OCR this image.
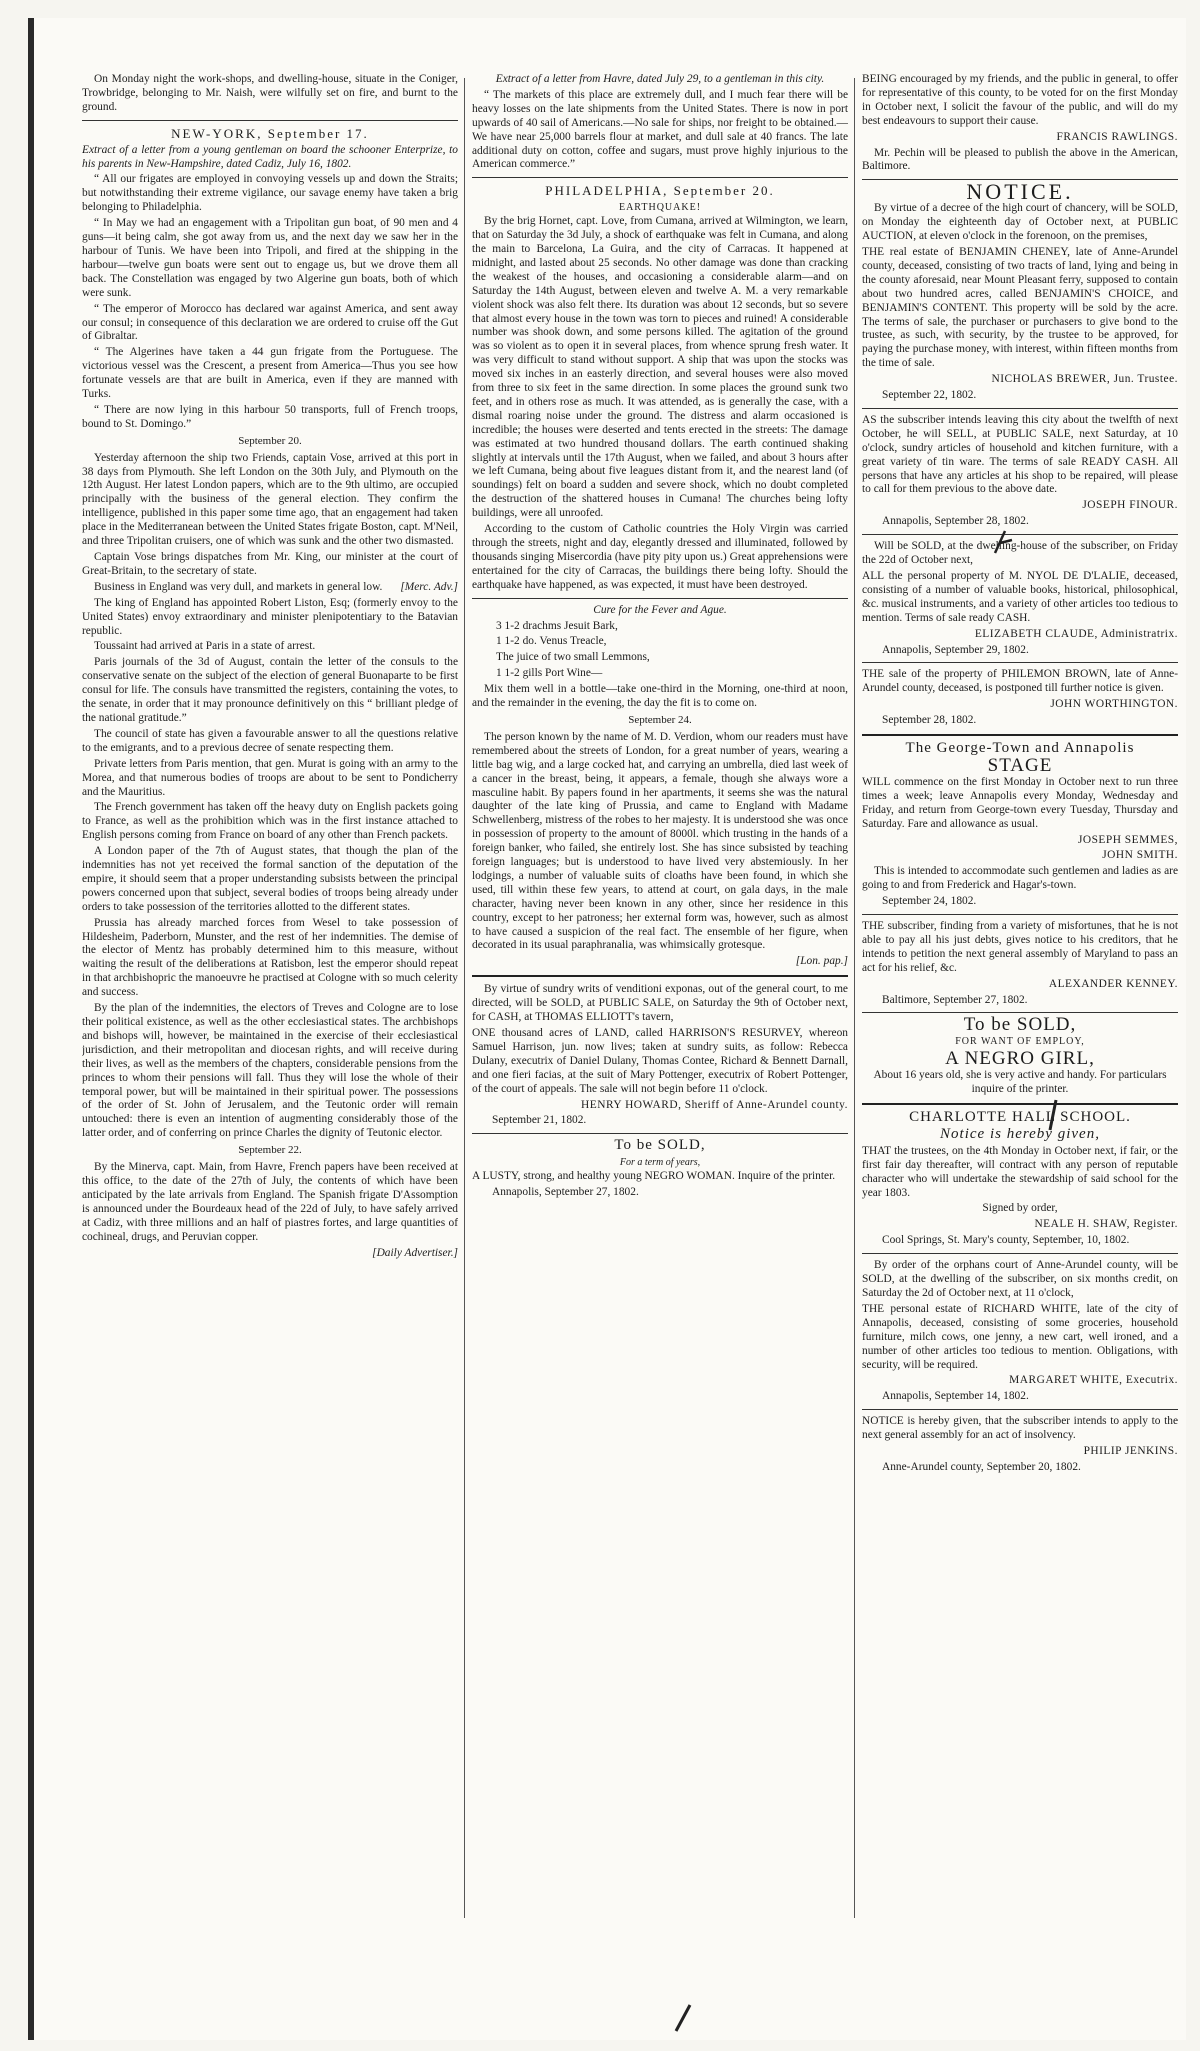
On Monday night the work-shops, and dwelling-house, situate in the Coniger, Trowbridge, belonging to Mr. Naish, were wilfully set on fire, and burnt to the ground.

NEW-YORK, September 17.

Extract of a letter from a young gentleman on board the schooner Enterprize, to his parents in New-Hampshire, dated Cadiz, July 16, 1802.

“ All our frigates are employed in convoying vessels up and down the Straits; but notwithstanding their extreme vigilance, our savage enemy have taken a brig belonging to Philadelphia.

“ In May we had an engagement with a Tripolitan gun boat, of 90 men and 4 guns—it being calm, she got away from us, and the next day we saw her in the harbour of Tunis. We have been into Tripoli, and fired at the shipping in the harbour—twelve gun boats were sent out to engage us, but we drove them all back. The Constellation was engaged by two Algerine gun boats, both of which were sunk.

“ The emperor of Morocco has declared war against America, and sent away our consul; in consequence of this declaration we are ordered to cruise off the Gut of Gibraltar.

“ The Algerines have taken a 44 gun frigate from the Portuguese. The victorious vessel was the Crescent, a present from America—Thus you see how fortunate vessels are that are built in America, even if they are manned with Turks.

“ There are now lying in this harbour 50 transports, full of French troops, bound to St. Domingo.”

September 20.

Yesterday afternoon the ship two Friends, captain Vose, arrived at this port in 38 days from Plymouth. She left London on the 30th July, and Plymouth on the 12th August. Her latest London papers, which are to the 9th ultimo, are occupied principally with the business of the general election. They confirm the intelligence, published in this paper some time ago, that an engagement had taken place in the Mediterranean between the United States frigate Boston, capt. M'Neil, and three Tripolitan cruisers, one of which was sunk and the other two dismasted.

Captain Vose brings dispatches from Mr. King, our minister at the court of Great-Britain, to the secretary of state.

Business in England was very dull, and markets in general low.	[Merc. Adv.]

The king of England has appointed Robert Liston, Esq; (formerly envoy to the United States) envoy extraordinary and minister plenipotentiary to the Batavian republic.

Toussaint had arrived at Paris in a state of arrest.

Paris journals of the 3d of August, contain the letter of the consuls to the conservative senate on the subject of the election of general Buonaparte to be first consul for life. The consuls have transmitted the registers, containing the votes, to the senate, in order that it may pronounce definitively on this “ brilliant pledge of the national gratitude.”

The council of state has given a favourable answer to all the questions relative to the emigrants, and to a previous decree of senate respecting them.

Private letters from Paris mention, that gen. Murat is going with an army to the Morea, and that numerous bodies of troops are about to be sent to Pondicherry and the Mauritius.

The French government has taken off the heavy duty on English packets going to France, as well as the prohibition which was in the first instance attached to English persons coming from France on board of any other than French packets.

A London paper of the 7th of August states, that though the plan of the indemnities has not yet received the formal sanction of the deputation of the empire, it should seem that a proper understanding subsists between the principal powers concerned upon that subject, several bodies of troops being already under orders to take possession of the territories allotted to the different states.

Prussia has already marched forces from Wesel to take possession of Hildesheim, Paderborn, Munster, and the rest of her indemnities. The demise of the elector of Mentz has probably determined him to this measure, without waiting the result of the deliberations at Ratisbon, lest the emperor should repeat in that archbishopric the manoeuvre he practised at Cologne with so much celerity and success.

By the plan of the indemnities, the electors of Treves and Cologne are to lose their political existence, as well as the other ecclesiastical states. The archbishops and bishops will, however, be maintained in the exercise of their ecclesiastical jurisdiction, and their metropolitan and diocesan rights, and will receive during their lives, as well as the members of the chapters, considerable pensions from the princes to whom their pensions will fall. Thus they will lose the whole of their temporal power, but will be maintained in their spiritual power. The possessions of the order of St. John of Jerusalem, and the Teutonic order will remain untouched: there is even an intention of augmenting considerably those of the latter order, and of conferring on prince Charles the dignity of Teutonic elector.

September 22.

By the Minerva, capt. Main, from Havre, French papers have been received at this office, to the date of the 27th of July, the contents of which have been anticipated by the late arrivals from England. The Spanish frigate D'Assomption is announced under the Bourdeaux head of the 22d of July, to have safely arrived at Cadiz, with three millions and an half of piastres fortes, and large quantities of cochineal, drugs, and Peruvian copper.

[Daily Advertiser.]

Extract of a letter from Havre, dated July 29, to a gentleman in this city.

“ The markets of this place are extremely dull, and I much fear there will be heavy losses on the late shipments from the United States. There is now in port upwards of 40 sail of Americans.—No sale for ships, nor freight to be obtained.—We have near 25,000 barrels flour at market, and dull sale at 40 francs. The late additional duty on cotton, coffee and sugars, must prove highly injurious to the American commerce.”

PHILADELPHIA, September 20.
EARTHQUAKE!

By the brig Hornet, capt. Love, from Cumana, arrived at Wilmington, we learn, that on Saturday the 3d July, a shock of earthquake was felt in Cumana, and along the main to Barcelona, La Guira, and the city of Carracas. It happened at midnight, and lasted about 25 seconds. No other damage was done than cracking the weakest of the houses, and occasioning a considerable alarm—and on Saturday the 14th August, between eleven and twelve A. M. a very remarkable violent shock was also felt there. Its duration was about 12 seconds, but so severe that almost every house in the town was torn to pieces and ruined! A considerable number was shook down, and some persons killed. The agitation of the ground was so violent as to open it in several places, from whence sprung fresh water. It was very difficult to stand without support. A ship that was upon the stocks was moved six inches in an easterly direction, and several houses were also moved from three to six feet in the same direction. In some places the ground sunk two feet, and in others rose as much. It was attended, as is generally the case, with a dismal roaring noise under the ground. The distress and alarm occasioned is incredible; the houses were deserted and tents erected in the streets: The damage was estimated at two hundred thousand dollars. The earth continued shaking slightly at intervals until the 17th August, when we failed, and about 3 hours after we left Cumana, being about five leagues distant from it, and the nearest land (of soundings) felt on board a sudden and severe shock, which no doubt completed the destruction of the shattered houses in Cumana! The churches being lofty buildings, were all unroofed.

According to the custom of Catholic countries the Holy Virgin was carried through the streets, night and day, elegantly dressed and illuminated, followed by thousands singing Misercordia (have pity pity upon us.) Great apprehensions were entertained for the city of Carracas, the buildings there being lofty. Should the earthquake have happened, as was expected, it must have been destroyed.

Cure for the Fever and Ague.

3 1-2 drachms Jesuit Bark,

1 1-2 do. Venus Treacle,

The juice of two small Lemmons,

1 1-2 gills Port Wine—

Mix them well in a bottle—take one-third in the Morning, one-third at noon, and the remainder in the evening, the day the fit is to come on.

September 24.

The person known by the name of M. D. Verdion, whom our readers must have remembered about the streets of London, for a great number of years, wearing a little bag wig, and a large cocked hat, and carrying an umbrella, died last week of a cancer in the breast, being, it appears, a female, though she always wore a masculine habit. By papers found in her apartments, it seems she was the natural daughter of the late king of Prussia, and came to England with Madame Schwellenberg, mistress of the robes to her majesty. It is understood she was once in possession of property to the amount of 8000l. which trusting in the hands of a foreign banker, who failed, she entirely lost. She has since subsisted by teaching foreign languages; but is understood to have lived very abstemiously. In her lodgings, a number of valuable suits of cloaths have been found, in which she used, till within these few years, to attend at court, on gala days, in the male character, having never been known in any other, since her residence in this country, except to her patroness; her external form was, however, such as almost to have caused a suspicion of the real fact. The ensemble of her figure, when decorated in its usual paraphranalia, was whimsically grotesque.

[Lon. pap.]

By virtue of sundry writs of venditioni exponas, out of the general court, to me directed, will be SOLD, at PUBLIC SALE, on Saturday the 9th of October next, for CASH, at THOMAS ELLIOTT's tavern,

ONE thousand acres of LAND, called HARRISON'S RESURVEY, whereon Samuel Harrison, jun. now lives; taken at sundry suits, as follow: Rebecca Dulany, executrix of Daniel Dulany, Thomas Contee, Richard & Bennett Darnall, and one fieri facias, at the suit of Mary Pottenger, executrix of Robert Pottenger, of the court of appeals. The sale will not begin before 11 o'clock.

HENRY HOWARD, Sheriff of Anne-Arundel county.

September 21, 1802.

To be SOLD,
For a term of years,

A LUSTY, strong, and healthy young NEGRO WOMAN. Inquire of the printer.

Annapolis, September 27, 1802.

BEING encouraged by my friends, and the public in general, to offer for representative of this county, to be voted for on the first Monday in October next, I solicit the favour of the public, and will do my best endeavours to support their cause.

FRANCIS RAWLINGS.

Mr. Pechin will be pleased to publish the above in the American, Baltimore.

NOTICE.

By virtue of a decree of the high court of chancery, will be SOLD, on Monday the eighteenth day of October next, at PUBLIC AUCTION, at eleven o'clock in the forenoon, on the premises,

THE real estate of BENJAMIN CHENEY, late of Anne-Arundel county, deceased, consisting of two tracts of land, lying and being in the county aforesaid, near Mount Pleasant ferry, supposed to contain about two hundred acres, called BENJAMIN'S CHOICE, and BENJAMIN'S CONTENT. This property will be sold by the acre. The terms of sale, the purchaser or purchasers to give bond to the trustee, as such, with security, by the trustee to be approved, for paying the purchase money, with interest, within fifteen months from the time of sale.

NICHOLAS BREWER, Jun. Trustee.

September 22, 1802.

AS the subscriber intends leaving this city about the twelfth of next October, he will SELL, at PUBLIC SALE, next Saturday, at 10 o'clock, sundry articles of household and kitchen furniture, with a great variety of tin ware. The terms of sale READY CASH. All persons that have any articles at his shop to be repaired, will please to call for them previous to the above date.

JOSEPH FINOUR.

Annapolis, September 28, 1802.

Will be SOLD, at the dwelling-house of the subscriber, on Friday the 22d of October next,

ALL the personal property of M. NYOL DE D'LALIE, deceased, consisting of a number of valuable books, historical, philosophical, &c. musical instruments, and a variety of other articles too tedious to mention. Terms of sale ready CASH.

ELIZABETH CLAUDE, Administratrix.

Annapolis, September 29, 1802.

THE sale of the property of PHILEMON BROWN, late of Anne-Arundel county, deceased, is postponed till further notice is given.

JOHN WORTHINGTON.

September 28, 1802.

The George-Town and Annapolis
STAGE

WILL commence on the first Monday in October next to run three times a week; leave Annapolis every Monday, Wednesday and Friday, and return from George-town every Tuesday, Thursday and Saturday. Fare and allowance as usual.

JOSEPH SEMMES,

JOHN SMITH.

This is intended to accommodate such gentlemen and ladies as are going to and from Frederick and Hagar's-town.

September 24, 1802.

THE subscriber, finding from a variety of misfortunes, that he is not able to pay all his just debts, gives notice to his creditors, that he intends to petition the next general assembly of Maryland to pass an act for his relief, &c.

ALEXANDER KENNEY.

Baltimore, September 27, 1802.

To be SOLD,
FOR WANT OF EMPLOY,
A NEGRO GIRL,

About 16 years old, she is very active and handy. For particulars inquire of the printer.

CHARLOTTE HALL SCHOOL.
Notice is hereby given,

THAT the trustees, on the 4th Monday in October next, if fair, or the first fair day thereafter, will contract with any person of reputable character who will undertake the stewardship of said school for the year 1803.

Signed by order,

NEALE H. SHAW, Register.

Cool Springs, St. Mary's county, September, 10, 1802.

By order of the orphans court of Anne-Arundel county, will be SOLD, at the dwelling of the subscriber, on six months credit, on Saturday the 2d of October next, at 11 o'clock,

THE personal estate of RICHARD WHITE, late of the city of Annapolis, deceased, consisting of some groceries, household furniture, milch cows, one jenny, a new cart, well ironed, and a number of other articles too tedious to mention. Obligations, with security, will be required.

MARGARET WHITE, Executrix.

Annapolis, September 14, 1802.

NOTICE is hereby given, that the subscriber intends to apply to the next general assembly for an act of insolvency.

PHILIP JENKINS.

Anne-Arundel county, September 20, 1802.
